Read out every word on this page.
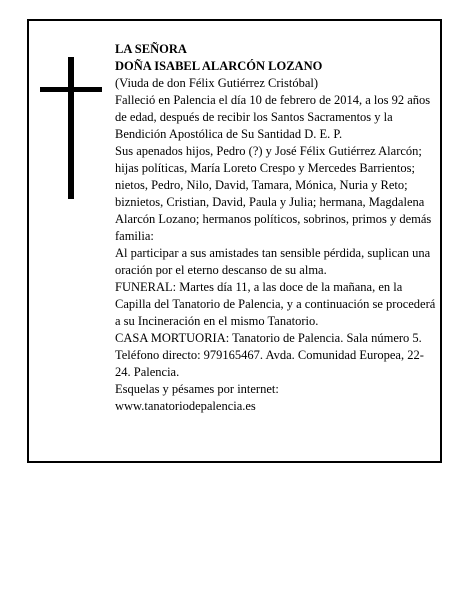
LA SEÑORA

DOÑA ISABEL ALARCÓN LOZANO

(Viuda de don Félix Gutiérrez Cristóbal)

Falleció en Palencia el día 10 de febrero de 2014, a los 92 años de edad, después de recibir los Santos Sacramentos y la Bendición Apostólica de Su Santidad D. E. P.

Sus apenados hijos, Pedro (?) y José Félix Gutiérrez Alarcón; hijas políticas, María Loreto Crespo y Mercedes Barrientos; nietos, Pedro, Nilo, David, Tamara, Mónica, Nuria y Reto; biznietos, Cristian, David, Paula y Julia; hermana, Magdalena Alarcón Lozano; hermanos políticos, sobrinos, primos y demás familia:

Al participar a sus amistades tan sensible pérdida, suplican una oración por el eterno descanso de su alma.

FUNERAL: Martes día 11, a las doce de la mañana, en la Capilla del Tanatorio de Palencia, y a continuación se procederá a su Incineración en el mismo Tanatorio.

CASA MORTUORIA: Tanatorio de Palencia. Sala número 5. Teléfono directo: 979165467. Avda. Comunidad Europea, 22-24. Palencia.

Esquelas y pésames por internet:

www.tanatoriodepalencia.es
